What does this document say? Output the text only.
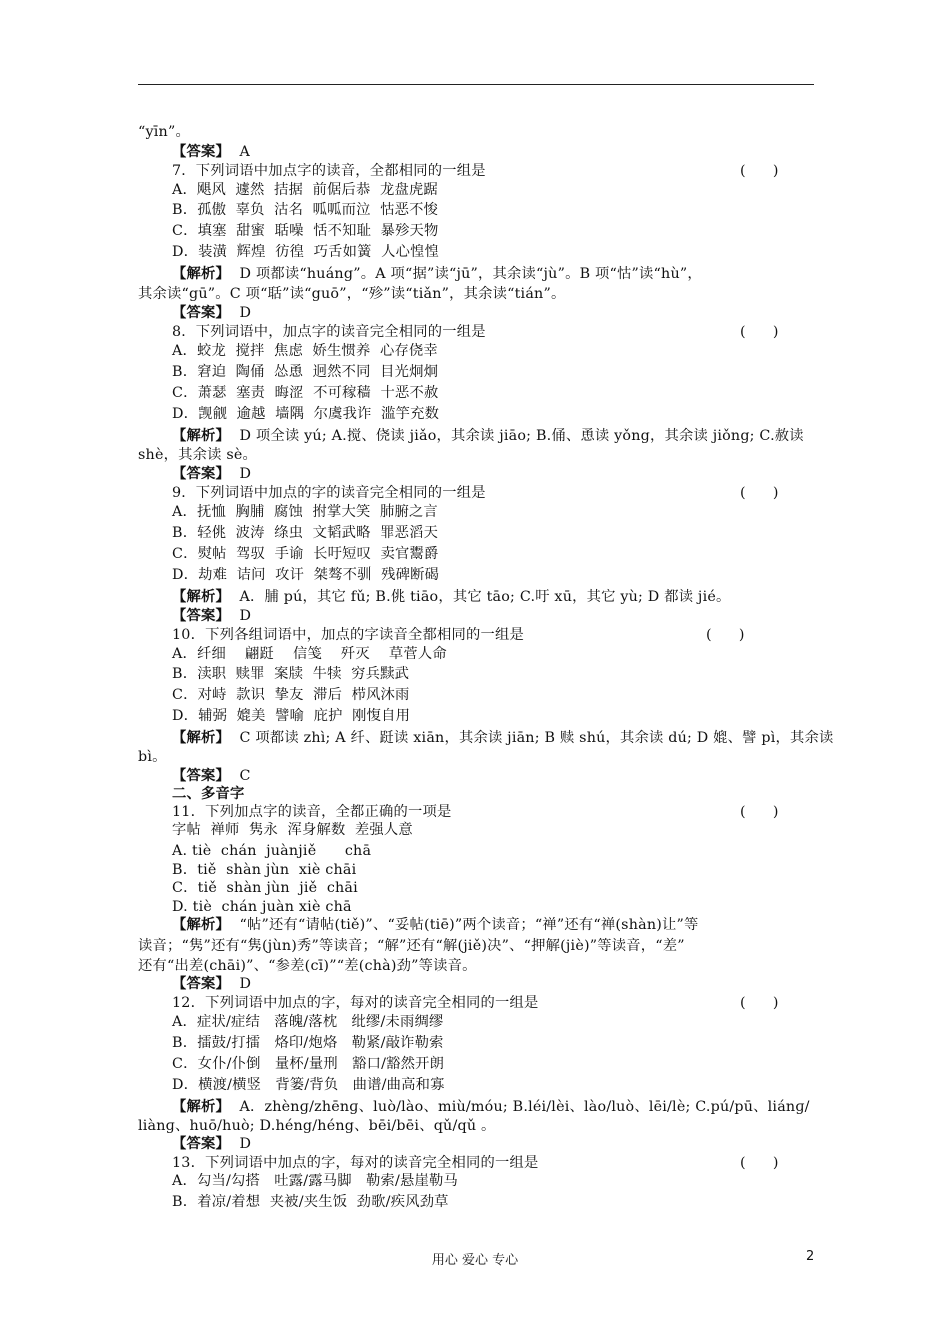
“yīn”。
【答案】  A
7．下列词语中加点字的读音，全都相同的一组是	(      )
A．飓风  遽然  拮据  前倨后恭  龙盘虎踞
B．孤傲  辜负  沽名  呱呱而泣  怙恶不悛
C．填塞  甜蜜  聒噪  恬不知耻  暴殄天物
D．装潢  辉煌  彷徨  巧舌如簧  人心惶惶
【解析】  D 项都读“huáng”。A 项“据”读“jū”，其余读“jù”。B 项“怙”读“hù”，
其余读“gū”。C 项“聒”读“guō”，“殄”读“tiǎn”，其余读“tián”。
【答案】  D
8．下列词语中，加点字的读音完全相同的一组是	(      )
A．蛟龙  搅拌  焦虑  娇生惯养  心存侥幸
B．窘迫  陶俑  怂恿  迥然不同  目光炯炯
C．萧瑟  塞责  晦涩  不可稼穑  十恶不赦
D．觊觎  逾越  墙隅  尔虞我诈  滥竽充数
【解析】  D 项全读 yú; A.搅、侥读 jiǎo，其余读 jiāo; B.俑、恿读 yǒng，其余读 jiǒng; C.赦读
shè，其余读 sè。
【答案】  D
9．下列词语中加点的字的读音完全相同的一组是	(      )
A．抚恤  胸脯  腐蚀  拊掌大笑  肺腑之言
B．轻佻  波涛  绦虫  文韬武略  罪恶滔天
C．熨帖  驾驭  手谕  长吁短叹  卖官鬻爵
D．劫难  诘问  攻讦  桀骜不驯  残碑断碣
【解析】  A．脯 pú，其它 fǔ; B.佻 tiāo，其它 tāo; C.吁 xū，其它 yù; D 都读 jié。
【答案】  D
10．下列各组词语中，加点的字读音全都相同的一组是	(      )
A．纤细    翩跹    信笺    歼灭    草菅人命
B．渎职  赎罪  案牍  牛犊  穷兵黩武
C．对峙  款识  挚友  滞后  栉风沐雨
D．辅弼  媲美  譬喻  庇护  刚愎自用
【解析】  C 项都读 zhì; A 纤、跹读 xiān，其余读 jiān; B 赎 shú，其余读 dú; D 媲、譬 pì，其余读
bì。
【答案】  C
二、多音字
11．下列加点字的读音，全都正确的一项是	(      )
字帖  禅师  隽永  浑身解数  差强人意
A. tiè  chán  juànjiě      chā
B．tiě  shàn jùn  xiè chāi
C．tiě  shàn jùn  jiě  chāi
D. tiè  chán juàn xiè chā
【解析】  “帖”还有“请帖(tiě)”、“妥帖(tiē)”两个读音；“禅”还有“禅(shàn)让”等
读音；“隽”还有“隽(jùn)秀”等读音；“解”还有“解(jiě)决”、“押解(jiè)”等读音，“差”
还有“出差(chāi)”、“参差(cī)”“差(chà)劲”等读音。
【答案】  D
12．下列词语中加点的字，每对的读音完全相同的一组是	(      )
A．症状/症结   落魄/落枕   纰缪/未雨绸缪
B．擂鼓/打擂   烙印/炮烙   勒紧/敲诈勒索
C．女仆/仆倒   量杯/量刑   豁口/豁然开朗
D．横渡/横竖   背篓/背负   曲谱/曲高和寡
【解析】  A．zhènɡ/zhēnɡ、luò/lào、miù/móu; B.léi/lèi、lào/luò、lēi/lè; C.pú/pū、liánɡ/
liànɡ、huō/huò; D.héng/héng、bēi/bēi、qǔ/qǔ 。
【答案】  D
13．下列词语中加点的字，每对的读音完全相同的一组是	(      )
A．勾当/勾搭   吐露/露马脚   勒索/悬崖勒马
B．着凉/着想  夹被/夹生饭  劲歌/疾风劲草
用心 爱心 专心	2
